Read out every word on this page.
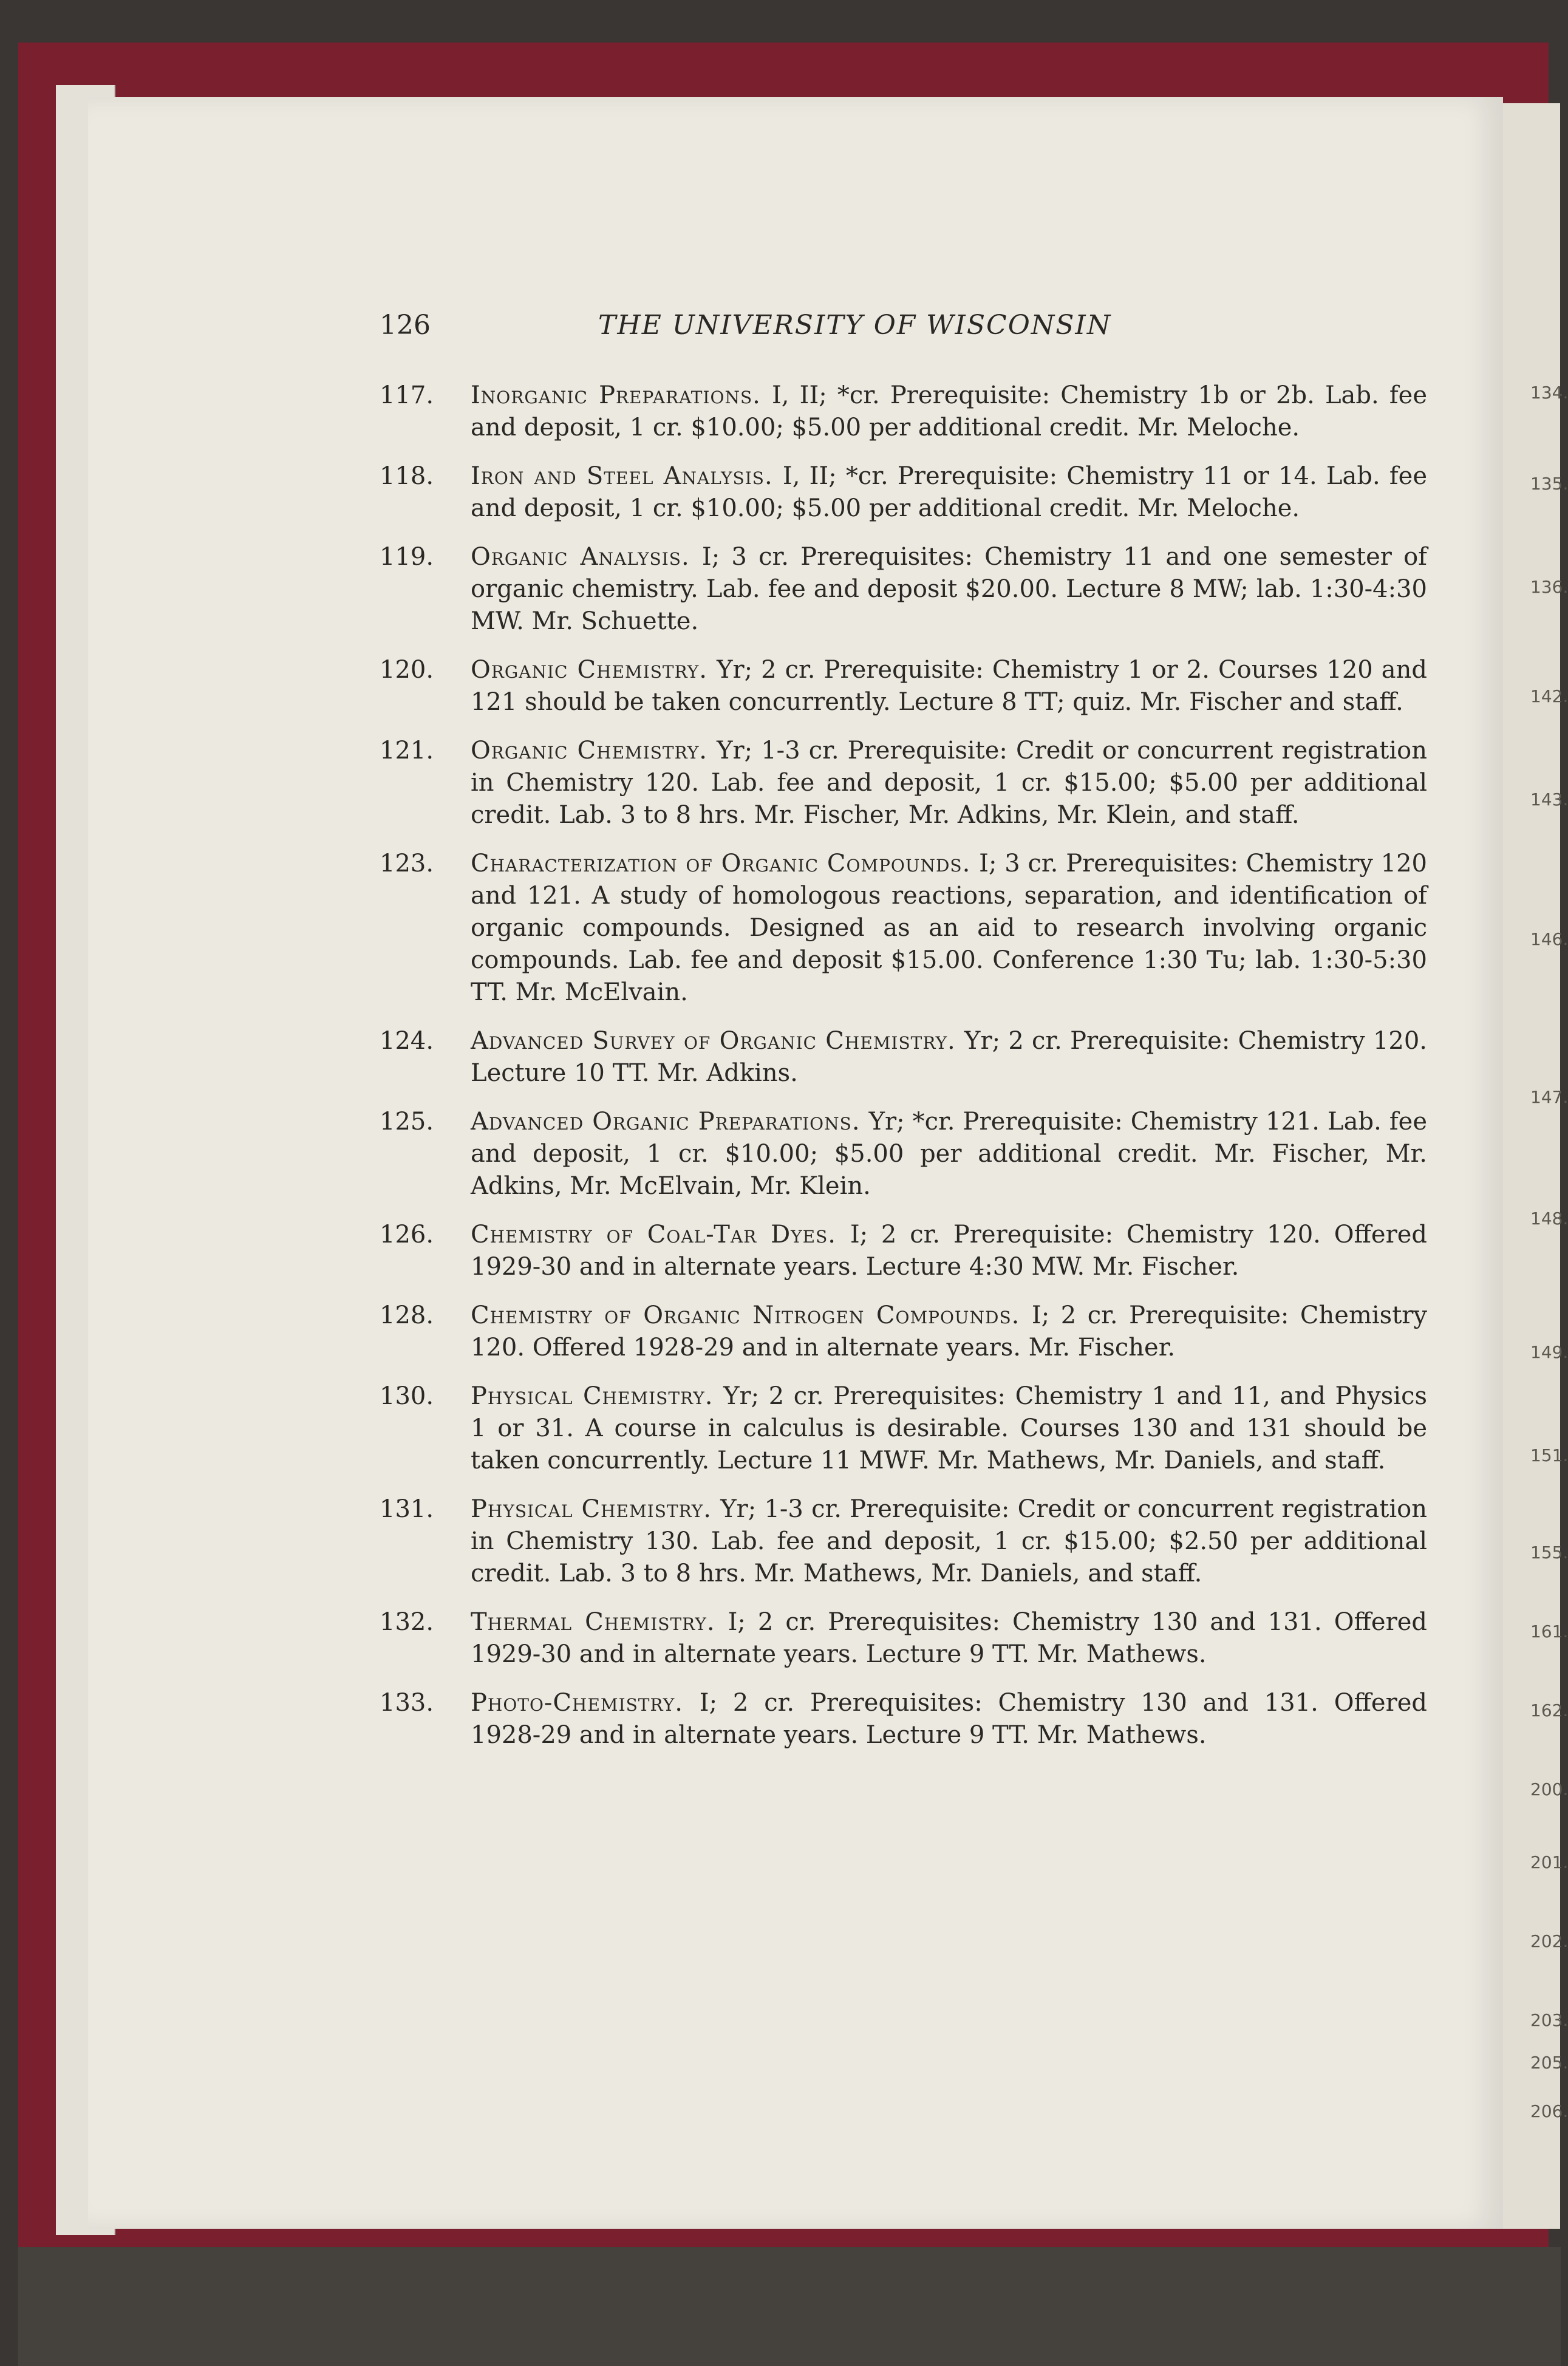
134.
135.
136.
142.
143.
146.
147.
148.
149.
151.
155.
161.
162.
200.
201.
202.
203.
205.
206.
126	THE UNIVERSITY OF WISCONSIN
117. Inorganic Preparations. I, II; *cr. Prerequisite: Chemistry 1b or 2b. Lab. fee and deposit, 1 cr. $10.00; $5.00 per additional credit. Mr. Meloche.
118. Iron and Steel Analysis. I, II; *cr. Prerequisite: Chemistry 11 or 14. Lab. fee and deposit, 1 cr. $10.00; $5.00 per additional credit. Mr. Meloche.
119. Organic Analysis. I; 3 cr. Prerequisites: Chemistry 11 and one semester of organic chemistry. Lab. fee and deposit $20.00. Lecture 8 MW; lab. 1:30-4:30 MW. Mr. Schuette.
120. Organic Chemistry. Yr; 2 cr. Prerequisite: Chemistry 1 or 2. Courses 120 and 121 should be taken concurrently. Lecture 8 TT; quiz. Mr. Fischer and staff.
121. Organic Chemistry. Yr; 1-3 cr. Prerequisite: Credit or concurrent registration in Chemistry 120. Lab. fee and deposit, 1 cr. $15.00; $5.00 per additional credit. Lab. 3 to 8 hrs. Mr. Fischer, Mr. Adkins, Mr. Klein, and staff.
123. Characterization of Organic Compounds. I; 3 cr. Prerequisites: Chemistry 120 and 121. A study of homologous reactions, separation, and identification of organic compounds. Designed as an aid to research involving organic compounds. Lab. fee and deposit $15.00. Conference 1:30 Tu; lab. 1:30-5:30 TT. Mr. McElvain.
124. Advanced Survey of Organic Chemistry. Yr; 2 cr. Prerequisite: Chemistry 120. Lecture 10 TT. Mr. Adkins.
125. Advanced Organic Preparations. Yr; *cr. Prerequisite: Chemistry 121. Lab. fee and deposit, 1 cr. $10.00; $5.00 per additional credit. Mr. Fischer, Mr. Adkins, Mr. McElvain, Mr. Klein.
126. Chemistry of Coal-Tar Dyes. I; 2 cr. Prerequisite: Chemistry 120. Offered 1929-30 and in alternate years. Lecture 4:30 MW. Mr. Fischer.
128. Chemistry of Organic Nitrogen Compounds. I; 2 cr. Prerequisite: Chemistry 120. Offered 1928-29 and in alternate years. Mr. Fischer.
130. Physical Chemistry. Yr; 2 cr. Prerequisites: Chemistry 1 and 11, and Physics 1 or 31. A course in calculus is desirable. Courses 130 and 131 should be taken concurrently. Lecture 11 MWF. Mr. Mathews, Mr. Daniels, and staff.
131. Physical Chemistry. Yr; 1-3 cr. Prerequisite: Credit or concurrent registration in Chemistry 130. Lab. fee and deposit, 1 cr. $15.00; $2.50 per additional credit. Lab. 3 to 8 hrs. Mr. Mathews, Mr. Daniels, and staff.
132. Thermal Chemistry. I; 2 cr. Prerequisites: Chemistry 130 and 131. Offered 1929-30 and in alternate years. Lecture 9 TT. Mr. Mathews.
133. Photo-Chemistry. I; 2 cr. Prerequisites: Chemistry 130 and 131. Offered 1928-29 and in alternate years. Lecture 9 TT. Mr. Mathews.
